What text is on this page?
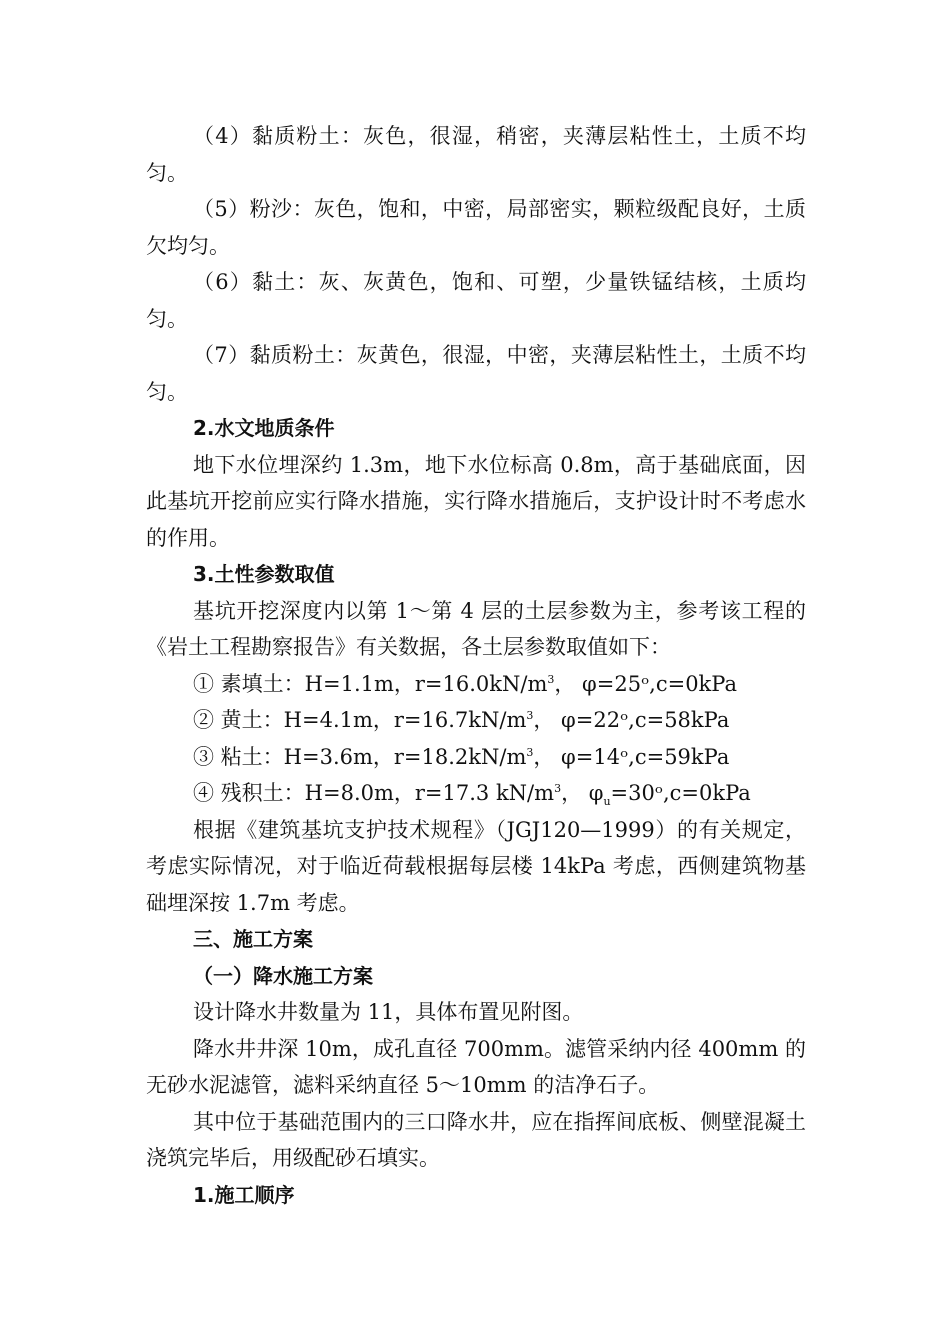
（4）黏质粉土：灰色，很湿，稍密，夹薄层粘性土，土质不均匀。

（5）粉沙：灰色，饱和，中密，局部密实，颗粒级配良好，土质欠均匀。

（6）黏土：灰、灰黄色，饱和、可塑，少量铁锰结核，土质均匀。

（7）黏质粉土：灰黄色，很湿，中密，夹薄层粘性土，土质不均匀。

2.水文地质条件

地下水位埋深约 1.3m，地下水位标高 0.8m，高于基础底面，因此基坑开挖前应实行降水措施，实行降水措施后，支护设计时不考虑水的作用。

3.土性参数取值

基坑开挖深度内以第 1～第 4 层的土层参数为主，参考该工程的《岩土工程勘察报告》有关数据，各土层参数取值如下：

① 素填土：H=1.1m，$r=16.0kN/m^3$， φ=25ᵒ,c=0kPa

② 黄土：H=4.1m，$r=16.7kN/m^3$， φ=22ᵒ,c=58kPa

③ 粘土：H=3.6m，$r=18.2kN/m^3$， φ=14ᵒ,c=59kPa

④ 残积土：H=8.0m，r=17.3 $kN/m^3$， $\varphi_u=30ᵒ,c=0kPa$

根据《建筑基坑支护技术规程》（JGJ120—1999）的有关规定，考虑实际情况，对于临近荷载根据每层楼 14kPa 考虑，西侧建筑物基础埋深按 1.7m 考虑。

三、施工方案

（一）降水施工方案

设计降水井数量为 11，具体布置见附图。

降水井井深 10m，成孔直径 700mm。滤管采纳内径 400mm 的无砂水泥滤管，滤料采纳直径 5～10mm 的洁净石子。

其中位于基础范围内的三口降水井，应在指挥间底板、侧壁混凝土浇筑完毕后，用级配砂石填实。

1.施工顺序
